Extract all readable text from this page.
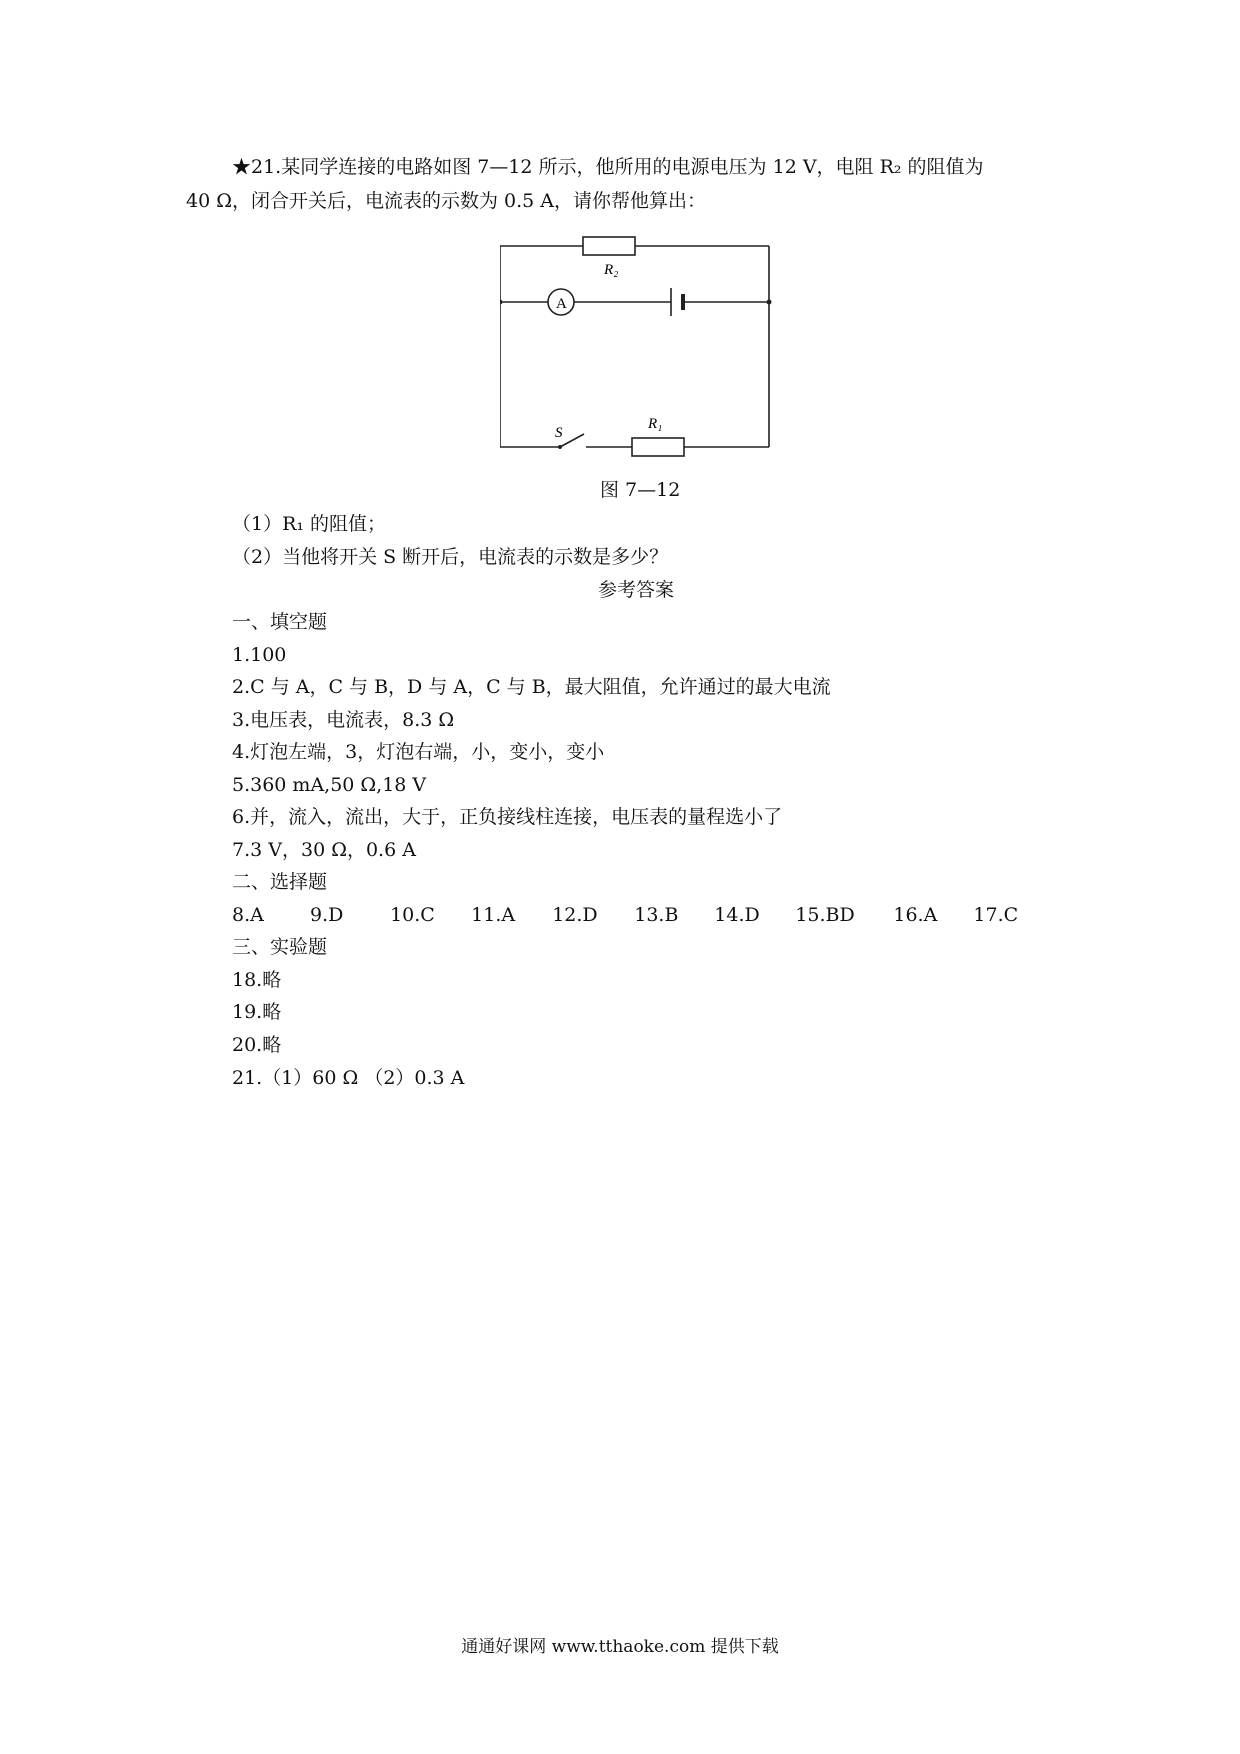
★21.某同学连接的电路如图 7—12 所示，他所用的电源电压为 12 V，电阻 R₂ 的阻值为
40 Ω，闭合开关后，电流表的示数为 0.5 A，请你帮他算出：
R₂
A
S
R₁
图 7—12
（1）R₁ 的阻值；
（2）当他将开关 S 断开后，电流表的示数是多少？
参考答案
一、填空题
1.100
2.C 与 A，C 与 B，D 与 A，C 与 B，最大阻值，允许通过的最大电流
3.电压表，电流表，8.3 Ω
4.灯泡左端，3，灯泡右端，小，变小，变小
5.360 mA,50 Ω,18 V
6.并，流入，流出，大于，正负接线柱连接，电压表的量程选小了
7.3 V，30 Ω，0.6 A
二、选择题
8.A 9.D 10.C 11.A 12.D 13.B 14.D 15.BD 16.A 17.C
三、实验题
18.略
19.略
20.略
21.（1）60 Ω （2）0.3 A
通通好课网 www.tthaoke.com 提供下载
